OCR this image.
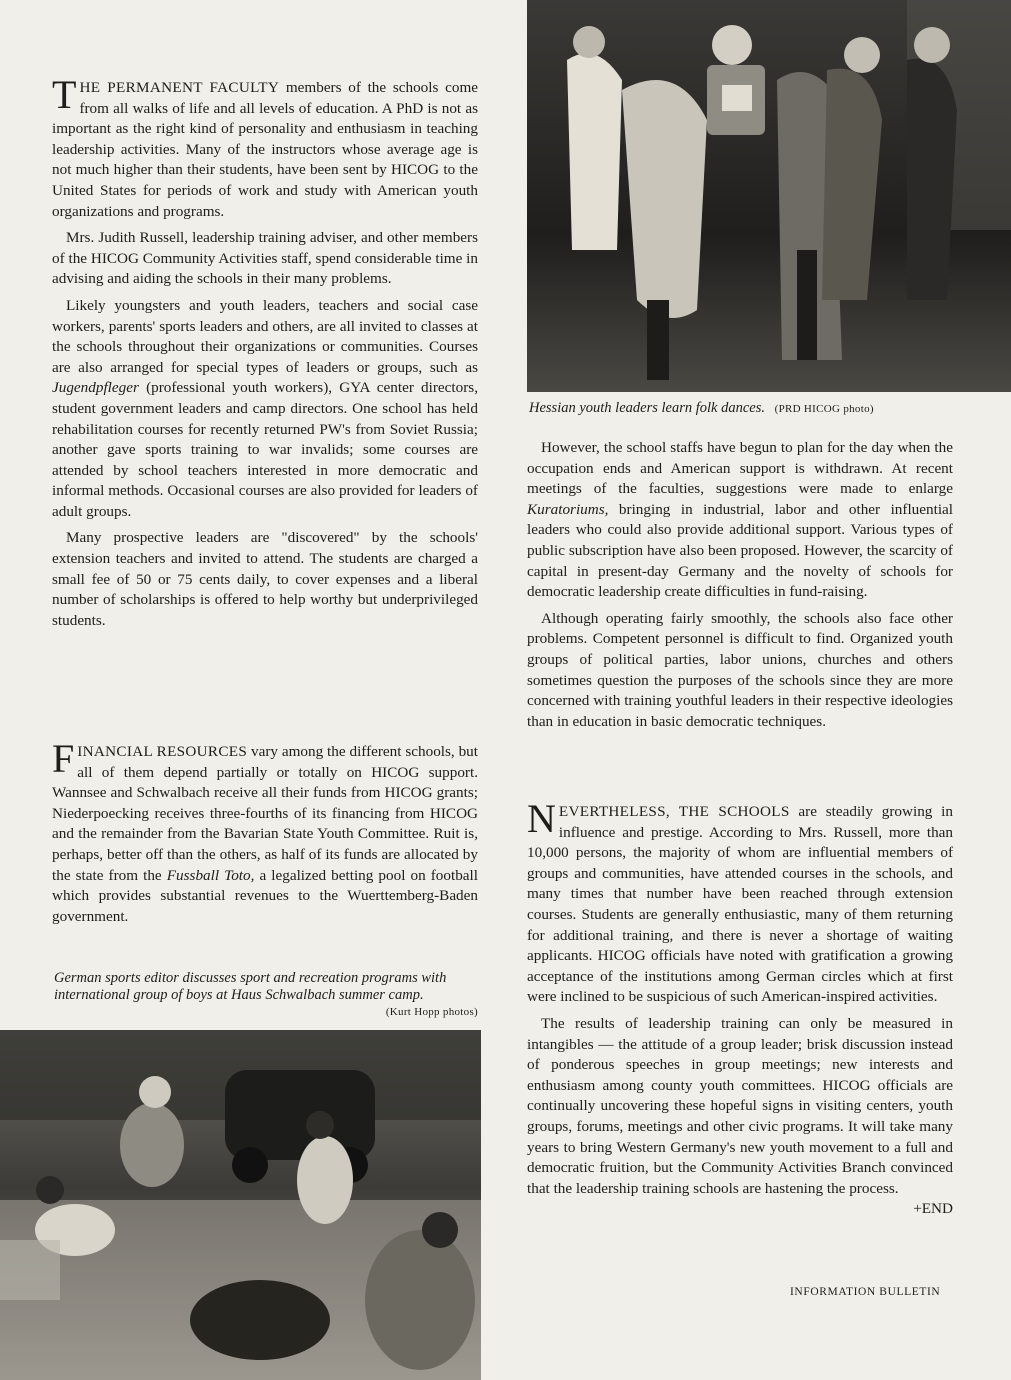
THE PERMANENT FACULTY members of the schools come from all walks of life and all levels of education. A PhD is not as important as the right kind of personality and enthusiasm in teaching leadership activities. Many of the instructors whose average age is not much higher than their students, have been sent by HICOG to the United States for periods of work and study with American youth organizations and programs.

Mrs. Judith Russell, leadership training adviser, and other members of the HICOG Community Activities staff, spend considerable time in advising and aiding the schools in their many problems.

Likely youngsters and youth leaders, teachers and social case workers, parents' sports leaders and others, are all invited to classes at the schools throughout their organizations or communities. Courses are also arranged for special types of leaders or groups, such as Jugendpfleger (professional youth workers), GYA center directors, student government leaders and camp directors. One school has held rehabilitation courses for recently returned PW's from Soviet Russia; another gave sports training to war invalids; some courses are attended by school teachers interested in more democratic and informal methods. Occasional courses are also provided for leaders of adult groups.

Many prospective leaders are "discovered" by the schools' extension teachers and invited to attend. The students are charged a small fee of 50 or 75 cents daily, to cover expenses and a liberal number of scholarships is offered to help worthy but underprivileged students.

FINANCIAL RESOURCES vary among the different schools, but all of them depend partially or totally on HICOG support. Wannsee and Schwalbach receive all their funds from HICOG grants; Niederpoecking receives three-fourths of its financing from HICOG and the remainder from the Bavarian State Youth Committee. Ruit is, perhaps, better off than the others, as half of its funds are allocated by the state from the Fussball Toto, a legalized betting pool on football which provides substantial revenues to the Wuerttemberg-Baden government.

German sports editor discusses sport and recreation programs with international group of boys at Haus Schwalbach summer camp.
(Kurt Hopp photos)
Hessian youth leaders learn folk dances. (PRD HICOG photo)

However, the school staffs have begun to plan for the day when the occupation ends and American support is withdrawn. At recent meetings of the faculties, suggestions were made to enlarge Kuratoriums, bringing in industrial, labor and other influential leaders who could also provide additional support. Various types of public subscription have also been proposed. However, the scarcity of capital in present-day Germany and the novelty of schools for democratic leadership create difficulties in fund-raising.

Although operating fairly smoothly, the schools also face other problems. Competent personnel is difficult to find. Organized youth groups of political parties, labor unions, churches and others sometimes question the purposes of the schools since they are more concerned with training youthful leaders in their respective ideologies than in education in basic democratic techniques.

NEVERTHELESS, THE SCHOOLS are steadily growing in influence and prestige. According to Mrs. Russell, more than 10,000 persons, the majority of whom are influential members of groups and communities, have attended courses in the schools, and many times that number have been reached through extension courses. Students are generally enthusiastic, many of them returning for additional training, and there is never a shortage of waiting applicants. HICOG officials have noted with gratification a growing acceptance of the institutions among German circles which at first were inclined to be suspicious of such American-inspired activities.

The results of leadership training can only be measured in intangibles — the attitude of a group leader; brisk discussion instead of ponderous speeches in group meetings; new interests and enthusiasm among county youth committees. HICOG officials are continually uncovering these hopeful signs in visiting centers, youth groups, forums, meetings and other civic programs. It will take many years to bring Western Germany's new youth movement to a full and democratic fruition, but the Community Activities Branch convinced that the leadership training schools are hastening the process.
+END

INFORMATION BULLETIN
